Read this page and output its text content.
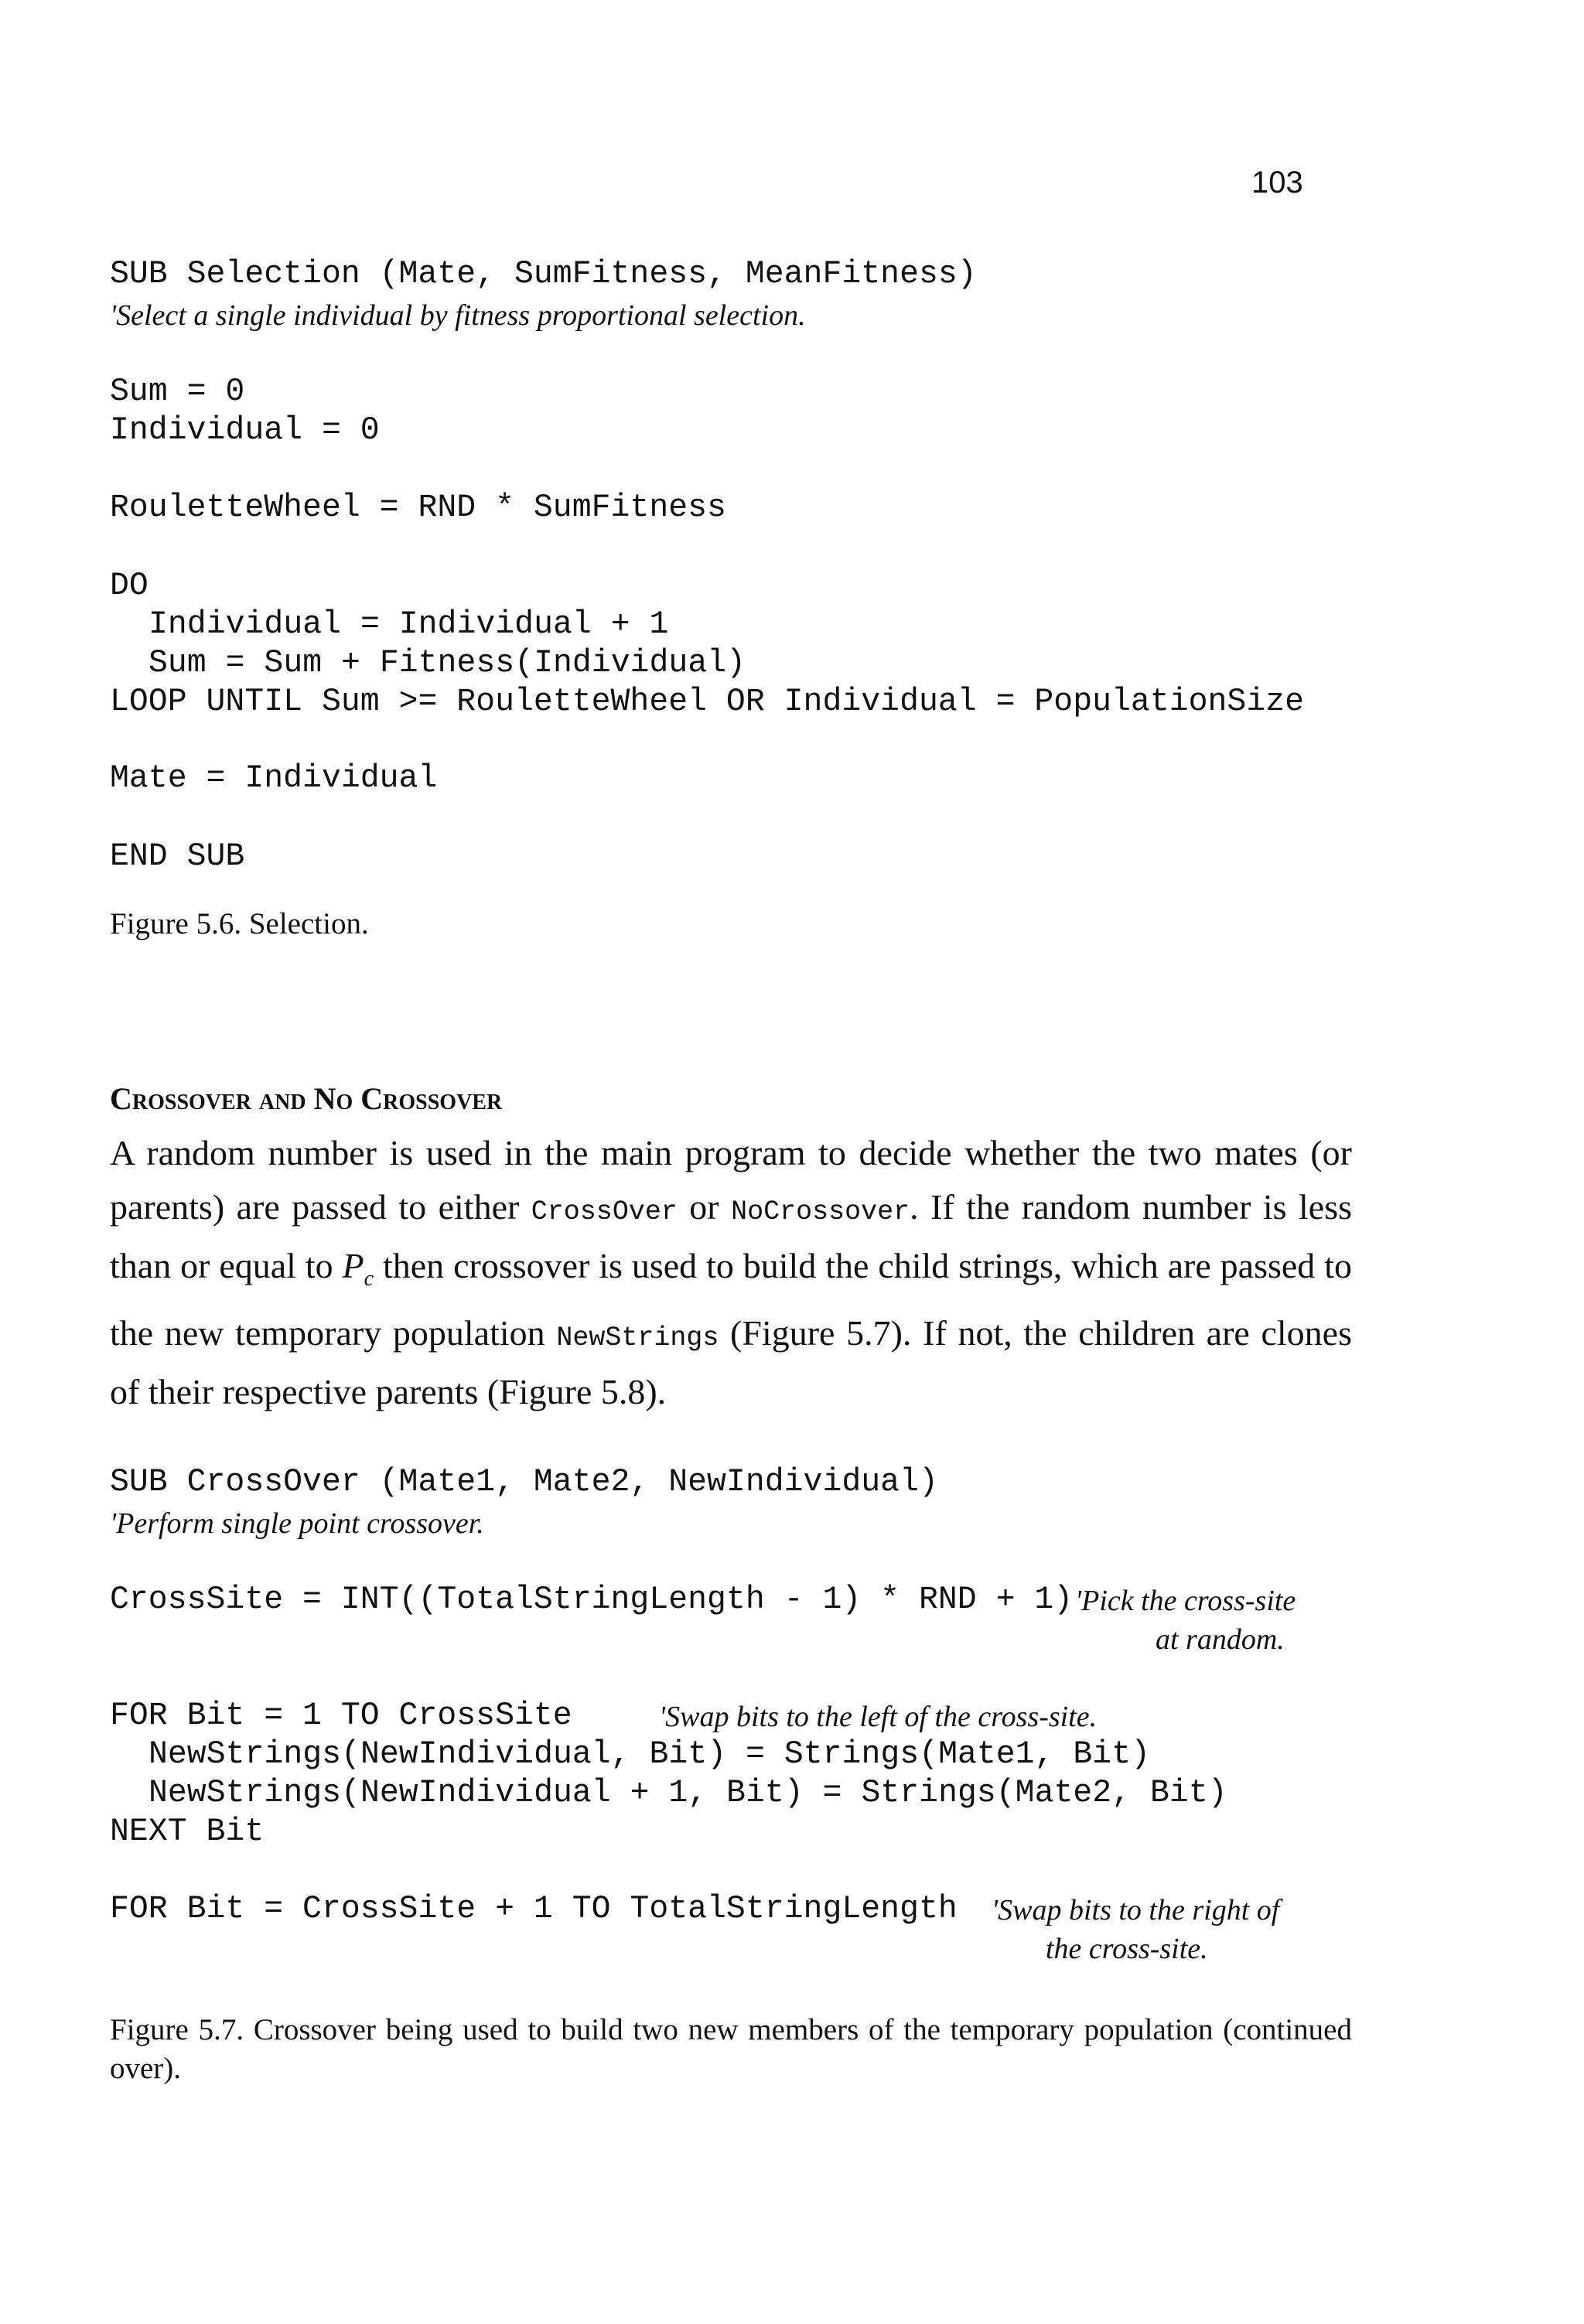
103
SUB Selection (Mate, SumFitness, MeanFitness)
'Select a single individual by fitness proportional selection.
Sum = 0
Individual = 0
RouletteWheel = RND * SumFitness
DO
Individual = Individual + 1
Sum = Sum + Fitness(Individual)
LOOP UNTIL Sum >= RouletteWheel OR Individual = PopulationSize
Mate = Individual
END SUB
Figure 5.6. Selection.
Crossover and No Crossover

A random number is used in the main program to decide whether the two mates (or parents) are passed to either CrossOver or NoCrossover. If the random number is less than or equal to $P_c$ then crossover is used to build the child strings, which are passed to the new temporary population NewStrings (Figure 5.7). If not, the children are clones of their respective parents (Figure 5.8).

SUB CrossOver (Mate1, Mate2, NewIndividual)
'Perform single point crossover.
CrossSite = INT((TotalStringLength - 1) * RND + 1) 'Pick the cross-site
at random.
FOR Bit = 1 TO CrossSite	'Swap bits to the left of the cross-site.
NewStrings(NewIndividual, Bit) = Strings(Mate1, Bit)
NewStrings(NewIndividual + 1, Bit) = Strings(Mate2, Bit)
NEXT Bit
FOR Bit = CrossSite + 1 TO TotalStringLength 'Swap bits to the right of
the cross-site.
Figure 5.7. Crossover being used to build two new members of the temporary population (continued over).
